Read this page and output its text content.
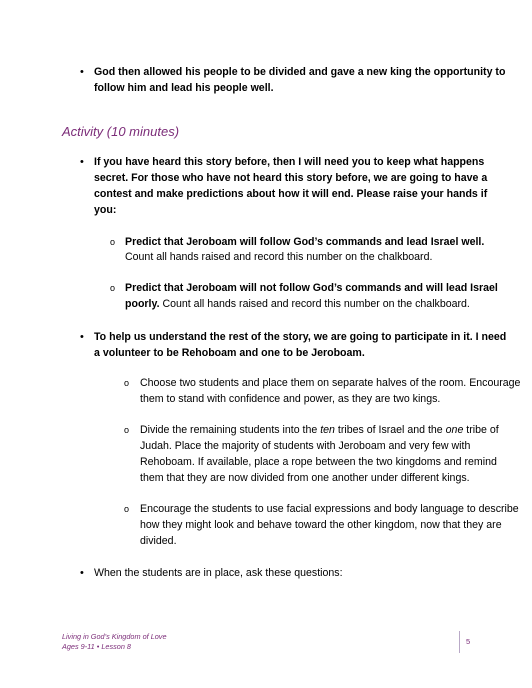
• God then allowed his people to be divided and gave a new king the opportunity to
follow him and lead his people well.
Activity (10 minutes)
• If you have heard this story before, then I will need you to keep what happens
secret. For those who have not heard this story before, we are going to have a
contest and make predictions about how it will end. Please raise your hands if
you:
o Predict that Jeroboam will follow God’s commands and lead Israel well.
Count all hands raised and record this number on the chalkboard.
o Predict that Jeroboam will not follow God’s commands and will lead Israel
poorly. Count all hands raised and record this number on the chalkboard.
• To help us understand the rest of the story, we are going to participate in it. I need
a volunteer to be Rehoboam and one to be Jeroboam.
o Choose two students and place them on separate halves of the room. Encourage
them to stand with confidence and power, as they are two kings.
o Divide the remaining students into the ten tribes of Israel and the one tribe of
Judah. Place the majority of students with Jeroboam and very few with
Rehoboam. If available, place a rope between the two kingdoms and remind
them that they are now divided from one another under different kings.
o Encourage the students to use facial expressions and body language to describe
how they might look and behave toward the other kingdom, now that they are
divided.
• When the students are in place, ask these questions:
Living in God’s Kingdom of Love
Ages 9-11 • Lesson 8
5
